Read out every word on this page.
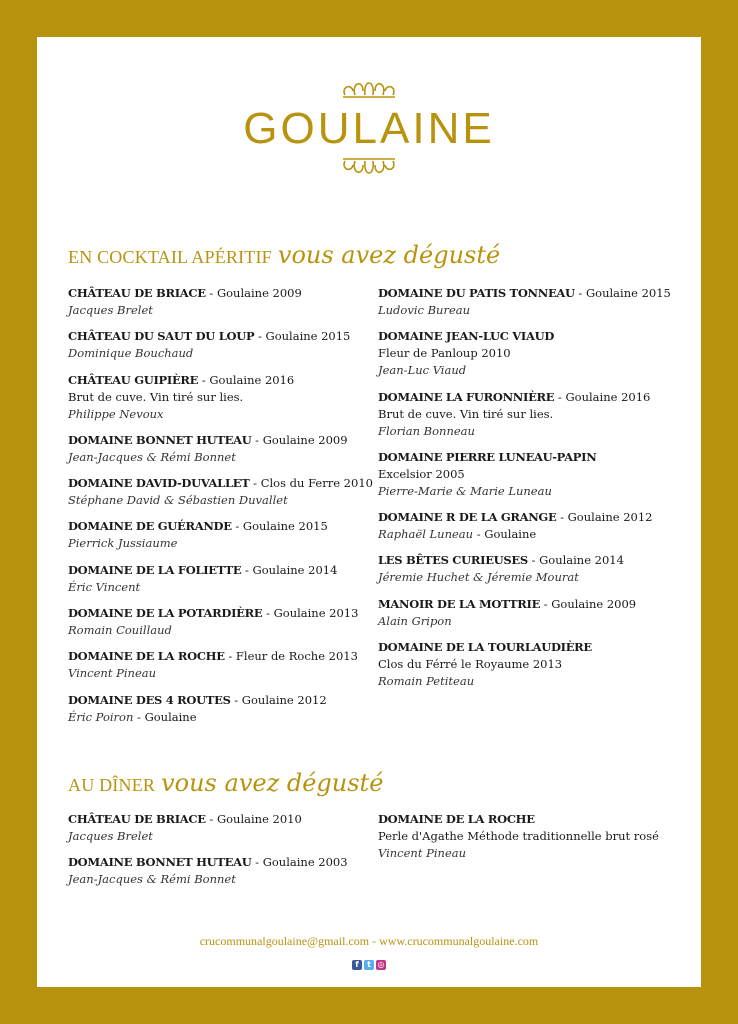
GOULAINE
EN COCKTAIL APÉRITIF vous avez dégusté
CHÂTEAU DE BRIACE - Goulaine 2009
Jacques Brelet
CHÂTEAU DU SAUT DU LOUP - Goulaine 2015
Dominique Bouchaud
CHÂTEAU GUIPIÈRE - Goulaine 2016
Brut de cuve. Vin tiré sur lies.
Philippe Nevoux
DOMAINE BONNET HUTEAU - Goulaine 2009
Jean-Jacques & Rémi Bonnet
DOMAINE DAVID-DUVALLET - Clos du Ferre 2010
Stéphane David & Sébastien Duvallet
DOMAINE DE GUÉRANDE - Goulaine 2015
Pierrick Jussiaume
DOMAINE DE LA FOLIETTE - Goulaine 2014
Éric Vincent
DOMAINE DE LA POTARDIÈRE - Goulaine 2013
Romain Couillaud
DOMAINE DE LA ROCHE - Fleur de Roche 2013
Vincent Pineau
DOMAINE DES 4 ROUTES - Goulaine 2012
Éric Poiron - Goulaine
DOMAINE DU PATIS TONNEAU - Goulaine 2015
Ludovic Bureau
DOMAINE JEAN-LUC VIAUD
Fleur de Panloup 2010
Jean-Luc Viaud
DOMAINE LA FURONNIÈRE - Goulaine 2016
Brut de cuve. Vin tiré sur lies.
Florian Bonneau
DOMAINE PIERRE LUNEAU-PAPIN
Excelsior 2005
Pierre-Marie & Marie Luneau
DOMAINE R DE LA GRANGE - Goulaine 2012
Raphaël Luneau - Goulaine
LES BÊTES CURIEUSES - Goulaine 2014
Jéremie Huchet & Jéremie Mourat
MANOIR DE LA MOTTRIE - Goulaine 2009
Alain Gripon
DOMAINE DE LA TOURLAUDIÈRE
Clos du Férré le Royaume 2013
Romain Petiteau
AU DÎNER vous avez dégusté
CHÂTEAU DE BRIACE - Goulaine 2010
Jacques Brelet
DOMAINE BONNET HUTEAU - Goulaine 2003
Jean-Jacques & Rémi Bonnet
DOMAINE DE LA ROCHE
Perle d'Agathe Méthode traditionnelle brut rosé
Vincent Pineau
crucommunalgoulaine@gmail.com - www.crucommunalgoulaine.com
f t ◎
